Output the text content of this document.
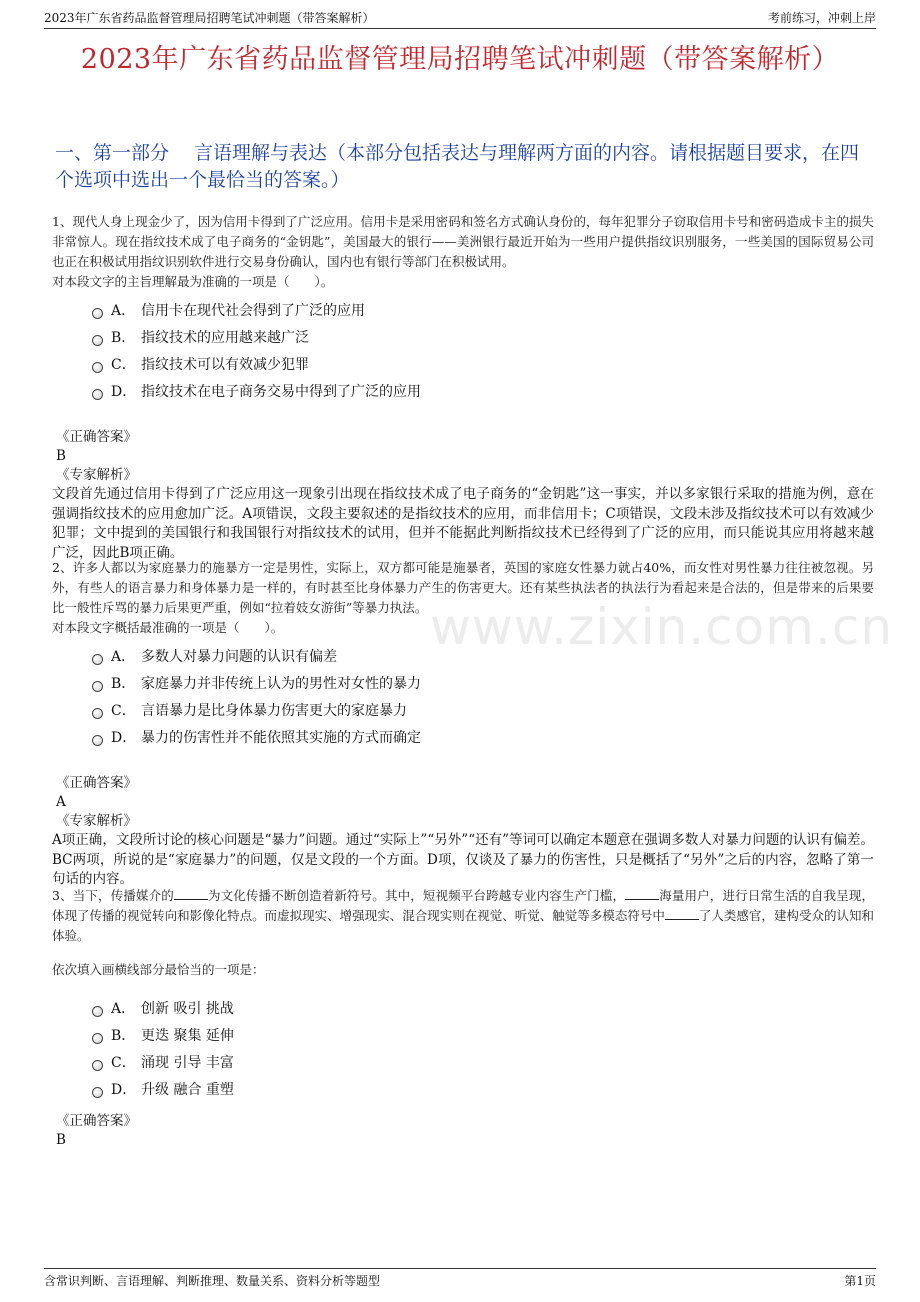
2023年广东省药品监督管理局招聘笔试冲刺题（带答案解析）	考前练习，冲刺上岸
2023年广东省药品监督管理局招聘笔试冲刺题（带答案解析）
一、第一部分　 言语理解与表达（本部分包括表达与理解两方面的内容。请根据题目要求，在四个选项中选出一个最恰当的答案。）
www.zixin.com.cn
1、现代人身上现金少了，因为信用卡得到了广泛应用。信用卡是采用密码和签名方式确认身份的，每年犯罪分子窃取信用卡号和密码造成卡主的损失非常惊人。现在指纹技术成了电子商务的“金钥匙”，美国最大的银行——美洲银行最近开始为一些用户提供指纹识别服务，一些美国的国际贸易公司也正在积极试用指纹识别软件进行交易身份确认，国内也有银行等部门在积极试用。
对本段文字的主旨理解最为准确的一项是（　　）。
A． 信用卡在现代社会得到了广泛的应用
B． 指纹技术的应用越来越广泛
C． 指纹技术可以有效减少犯罪
D． 指纹技术在电子商务交易中得到了广泛的应用
《正确答案》
B
《专家解析》
文段首先通过信用卡得到了广泛应用这一现象引出现在指纹技术成了电子商务的“金钥匙”这一事实，并以多家银行采取的措施为例，意在强调指纹技术的应用愈加广泛。A项错误，文段主要叙述的是指纹技术的应用，而非信用卡；C项错误，文段未涉及指纹技术可以有效减少犯罪；文中提到的美国银行和我国银行对指纹技术的试用，但并不能据此判断指纹技术已经得到了广泛的应用，而只能说其应用将越来越广泛，因此B项正确。
2、许多人都以为家庭暴力的施暴方一定是男性，实际上，双方都可能是施暴者，英国的家庭女性暴力就占40%，而女性对男性暴力往往被忽视。另外，有些人的语言暴力和身体暴力是一样的，有时甚至比身体暴力产生的伤害更大。还有某些执法者的执法行为看起来是合法的，但是带来的后果要比一般性斥骂的暴力后果更严重，例如“拉着妓女游街”等暴力执法。
对本段文字概括最准确的一项是（　　）。
A． 多数人对暴力问题的认识有偏差
B． 家庭暴力并非传统上认为的男性对女性的暴力
C． 言语暴力是比身体暴力伤害更大的家庭暴力
D． 暴力的伤害性并不能依照其实施的方式而确定
《正确答案》
A
《专家解析》
A项正确，文段所讨论的核心问题是“暴力”问题。通过“实际上”“另外”“还有”等词可以确定本题意在强调多数人对暴力问题的认识有偏差。BC两项，所说的是“家庭暴力”的问题，仅是文段的一个方面。D项，仅谈及了暴力的伤害性，只是概括了“另外”之后的内容，忽略了第一句话的内容。
3、当下，传播媒介的	为文化传播不断创造着新符号。其中，短视频平台跨越专业内容生产门槛，	海量用户，进行日常生活的自我呈现，体现了传播的视觉转向和影像化特点。而虚拟现实、增强现实、混合现实则在视觉、听觉、触觉等多模态符号中	了人类感官，建构受众的认知和体验。
依次填入画横线部分最恰当的一项是：
A． 创新 吸引 挑战
B． 更迭 聚集 延伸
C． 涌现 引导 丰富
D． 升级 融合 重塑
《正确答案》
B
含常识判断、言语理解、判断推理、数量关系、资料分析等题型	第1页
